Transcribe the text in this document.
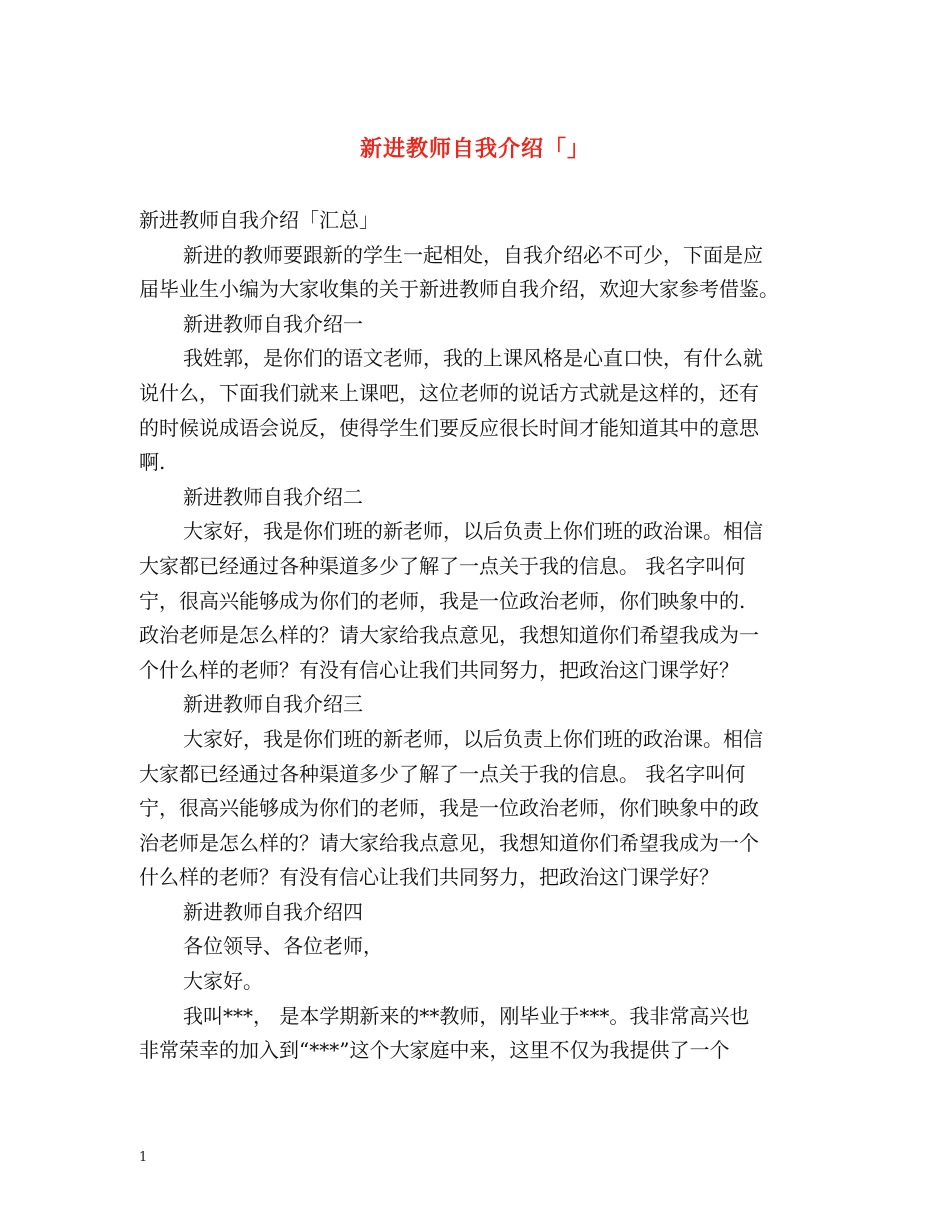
新进教师自我介绍「」

新进教师自我介绍「汇总」

新进的教师要跟新的学生一起相处，自我介绍必不可少，下面是应

届毕业生小编为大家收集的关于新进教师自我介绍，欢迎大家参考借鉴。

新进教师自我介绍一

我姓郭，是你们的语文老师，我的上课风格是心直口快，有什么就

说什么，下面我们就来上课吧，这位老师的说话方式就是这样的，还有

的时候说成语会说反，使得学生们要反应很长时间才能知道其中的意思

啊.

新进教师自我介绍二

大家好，我是你们班的新老师，以后负责上你们班的政治课。相信

大家都已经通过各种渠道多少了解了一点关于我的信息。 我名字叫何

宁，很高兴能够成为你们的老师，我是一位政治老师，你们映象中的.

政治老师是怎么样的？请大家给我点意见，我想知道你们希望我成为一

个什么样的老师？有没有信心让我们共同努力，把政治这门课学好？

新进教师自我介绍三

大家好，我是你们班的新老师，以后负责上你们班的政治课。相信

大家都已经通过各种渠道多少了解了一点关于我的信息。 我名字叫何

宁，很高兴能够成为你们的老师，我是一位政治老师，你们映象中的政

治老师是怎么样的？请大家给我点意见，我想知道你们希望我成为一个

什么样的老师？有没有信心让我们共同努力，把政治这门课学好？

新进教师自我介绍四

各位领导、各位老师，

大家好。

我叫***， 是本学期新来的**教师，刚毕业于***。我非常高兴也

非常荣幸的加入到“***”这个大家庭中来，这里不仅为我提供了一个

1
